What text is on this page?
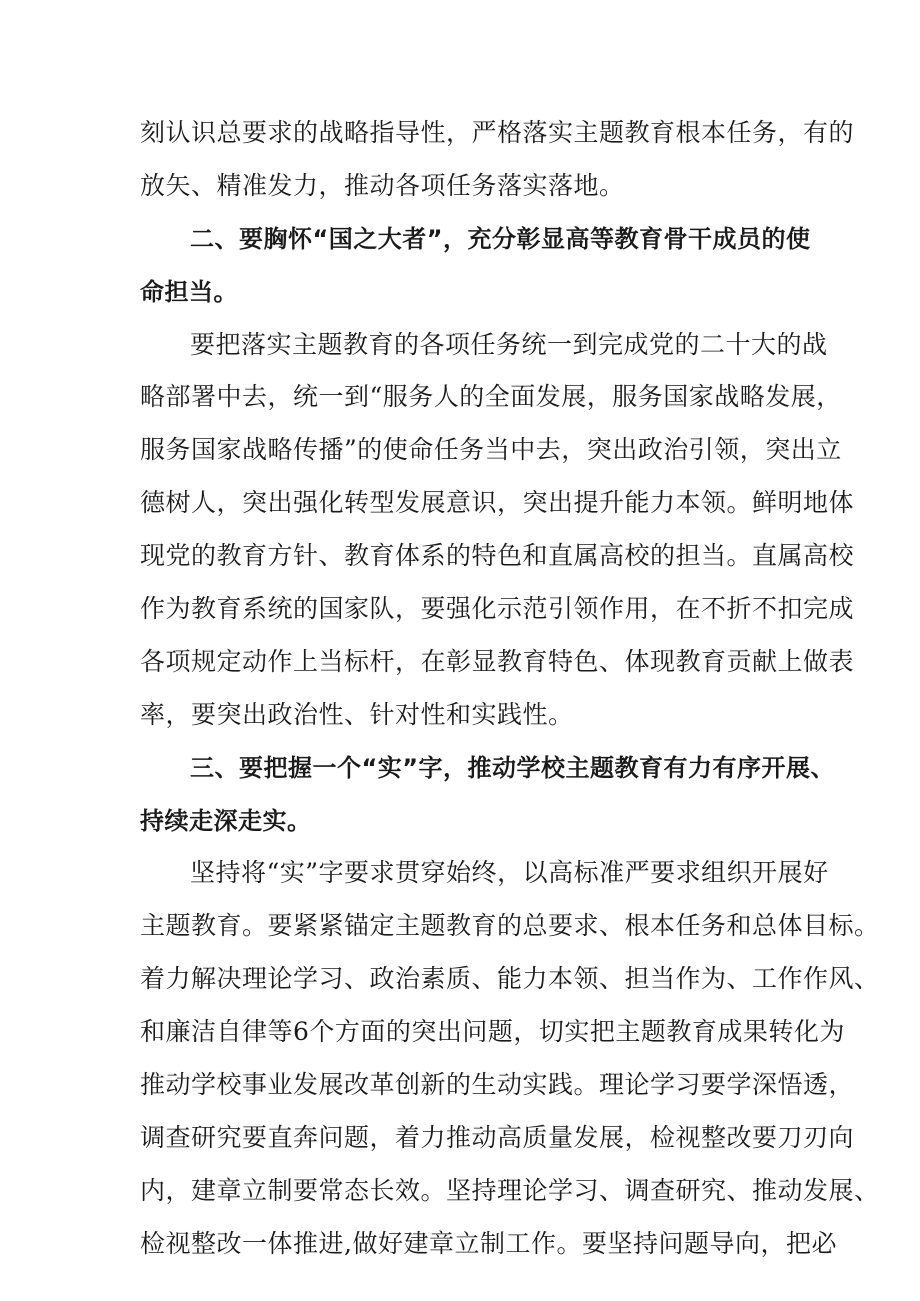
刻认识总要求的战略指导性，严格落实主题教育根本任务，有的
放矢、精准发力，推动各项任务落实落地。
二、要胸怀“国之大者”，充分彰显高等教育骨干成员的使
命担当。
要把落实主题教育的各项任务统一到完成党的二十大的战
略部署中去，统一到“服务人的全面发展，服务国家战略发展，
服务国家战略传播”的使命任务当中去，突出政治引领，突出立
德树人，突出强化转型发展意识，突出提升能力本领。鲜明地体
现党的教育方针、教育体系的特色和直属高校的担当。直属高校
作为教育系统的国家队，要强化示范引领作用，在不折不扣完成
各项规定动作上当标杆，在彰显教育特色、体现教育贡献上做表
率，要突出政治性、针对性和实践性。
三、要把握一个“实”字，推动学校主题教育有力有序开展、
持续走深走实。
坚持将“实”字要求贯穿始终，以高标准严要求组织开展好
主题教育。要紧紧锚定主题教育的总要求、根本任务和总体目标。
着力解决理论学习、政治素质、能力本领、担当作为、工作作风、
和廉洁自律等6个方面的突出问题，切实把主题教育成果转化为
推动学校事业发展改革创新的生动实践。理论学习要学深悟透，
调查研究要直奔问题，着力推动高质量发展，检视整改要刀刃向
内，建章立制要常态长效。坚持理论学习、调查研究、推动发展、
检视整改一体推进,做好建章立制工作。要坚持问题导向，把必
